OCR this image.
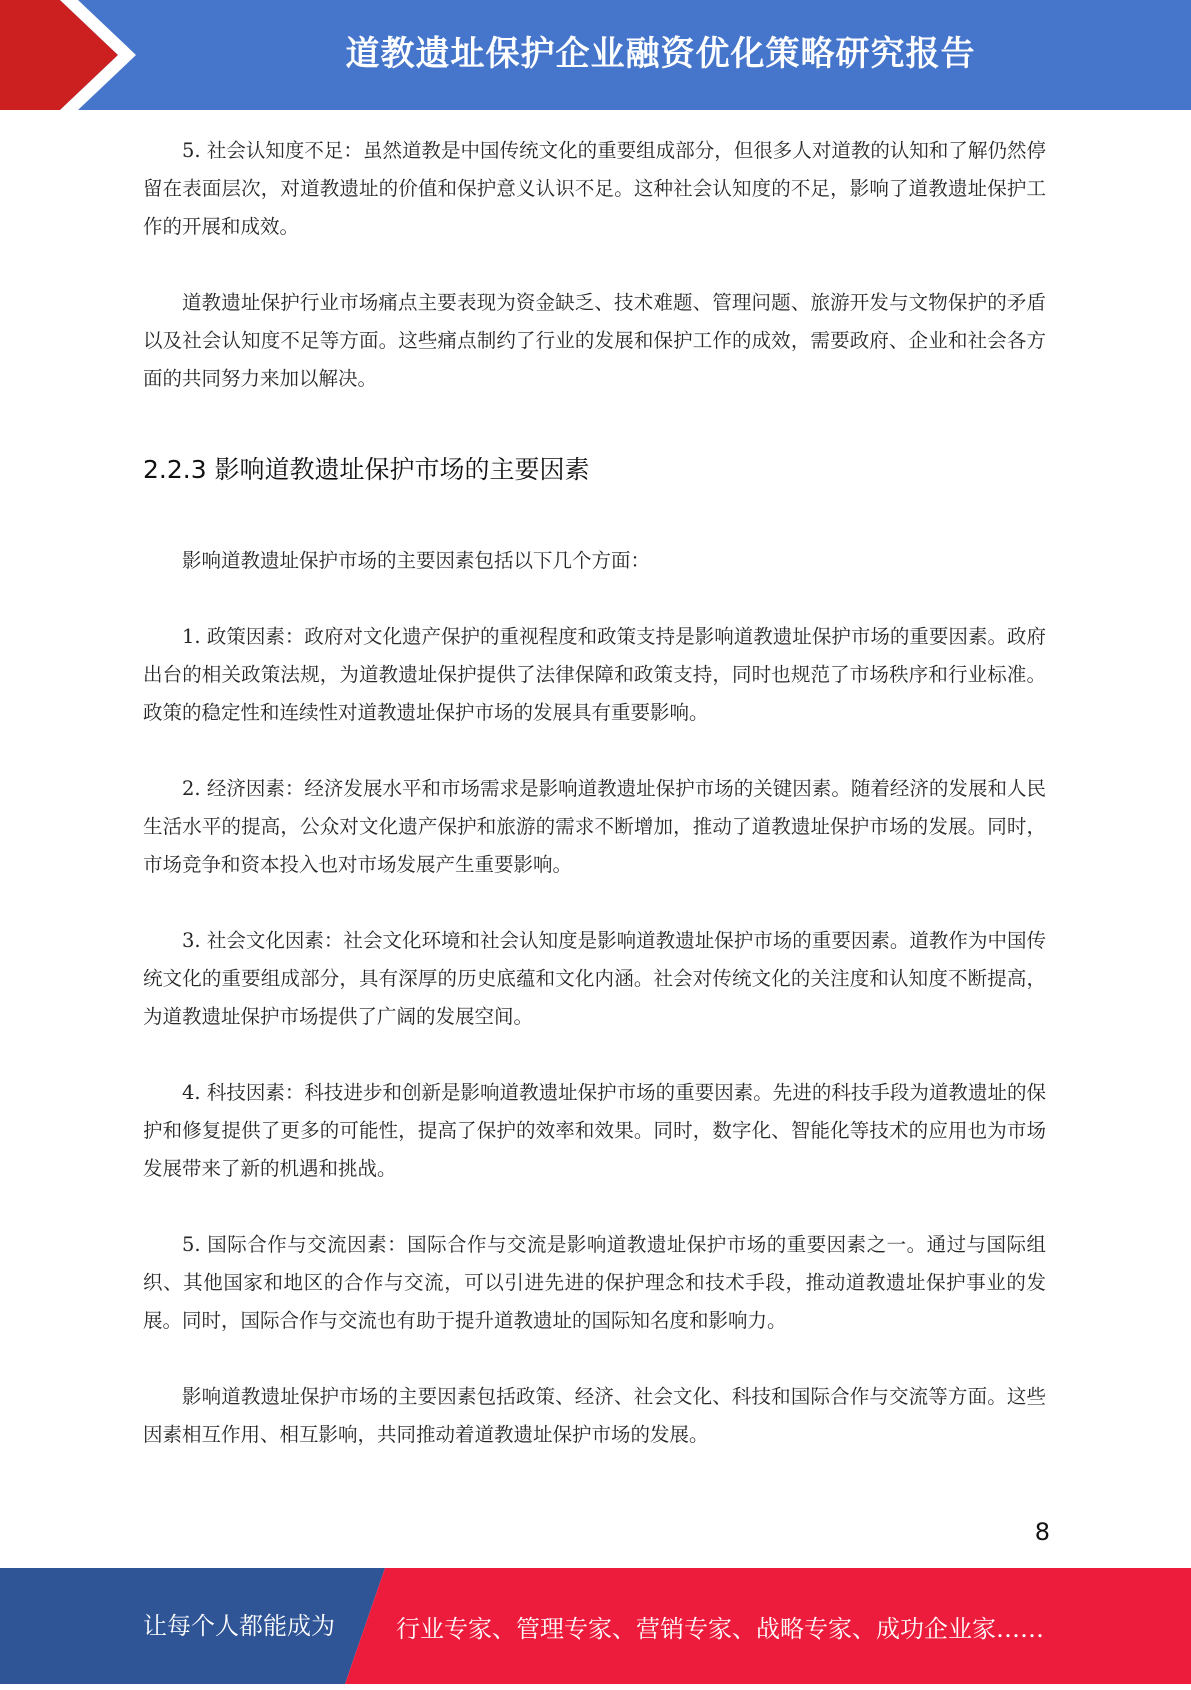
道教遗址保护企业融资优化策略研究报告

5. 社会认知度不足：虽然道教是中国传统文化的重要组成部分，但很多人对道教的认知和了解仍然停留在表面层次，对道教遗址的价值和保护意义认识不足。这种社会认知度的不足，影响了道教遗址保护工作的开展和成效。

道教遗址保护行业市场痛点主要表现为资金缺乏、技术难题、管理问题、旅游开发与文物保护的矛盾以及社会认知度不足等方面。这些痛点制约了行业的发展和保护工作的成效，需要政府、企业和社会各方面的共同努力来加以解决。

2.2.3 影响道教遗址保护市场的主要因素

影响道教遗址保护市场的主要因素包括以下几个方面：

1. 政策因素：政府对文化遗产保护的重视程度和政策支持是影响道教遗址保护市场的重要因素。政府出台的相关政策法规，为道教遗址保护提供了法律保障和政策支持，同时也规范了市场秩序和行业标准。政策的稳定性和连续性对道教遗址保护市场的发展具有重要影响。

2. 经济因素：经济发展水平和市场需求是影响道教遗址保护市场的关键因素。随着经济的发展和人民生活水平的提高，公众对文化遗产保护和旅游的需求不断增加，推动了道教遗址保护市场的发展。同时，市场竞争和资本投入也对市场发展产生重要影响。

3. 社会文化因素：社会文化环境和社会认知度是影响道教遗址保护市场的重要因素。道教作为中国传统文化的重要组成部分，具有深厚的历史底蕴和文化内涵。社会对传统文化的关注度和认知度不断提高，为道教遗址保护市场提供了广阔的发展空间。

4. 科技因素：科技进步和创新是影响道教遗址保护市场的重要因素。先进的科技手段为道教遗址的保护和修复提供了更多的可能性，提高了保护的效率和效果。同时，数字化、智能化等技术的应用也为市场发展带来了新的机遇和挑战。

5. 国际合作与交流因素：国际合作与交流是影响道教遗址保护市场的重要因素之一。通过与国际组织、其他国家和地区的合作与交流，可以引进先进的保护理念和技术手段，推动道教遗址保护事业的发展。同时，国际合作与交流也有助于提升道教遗址的国际知名度和影响力。

影响道教遗址保护市场的主要因素包括政策、经济、社会文化、科技和国际合作与交流等方面。这些因素相互作用、相互影响，共同推动着道教遗址保护市场的发展。

8
让每个人都能成为	行业专家、管理专家、营销专家、战略专家、成功企业家……
